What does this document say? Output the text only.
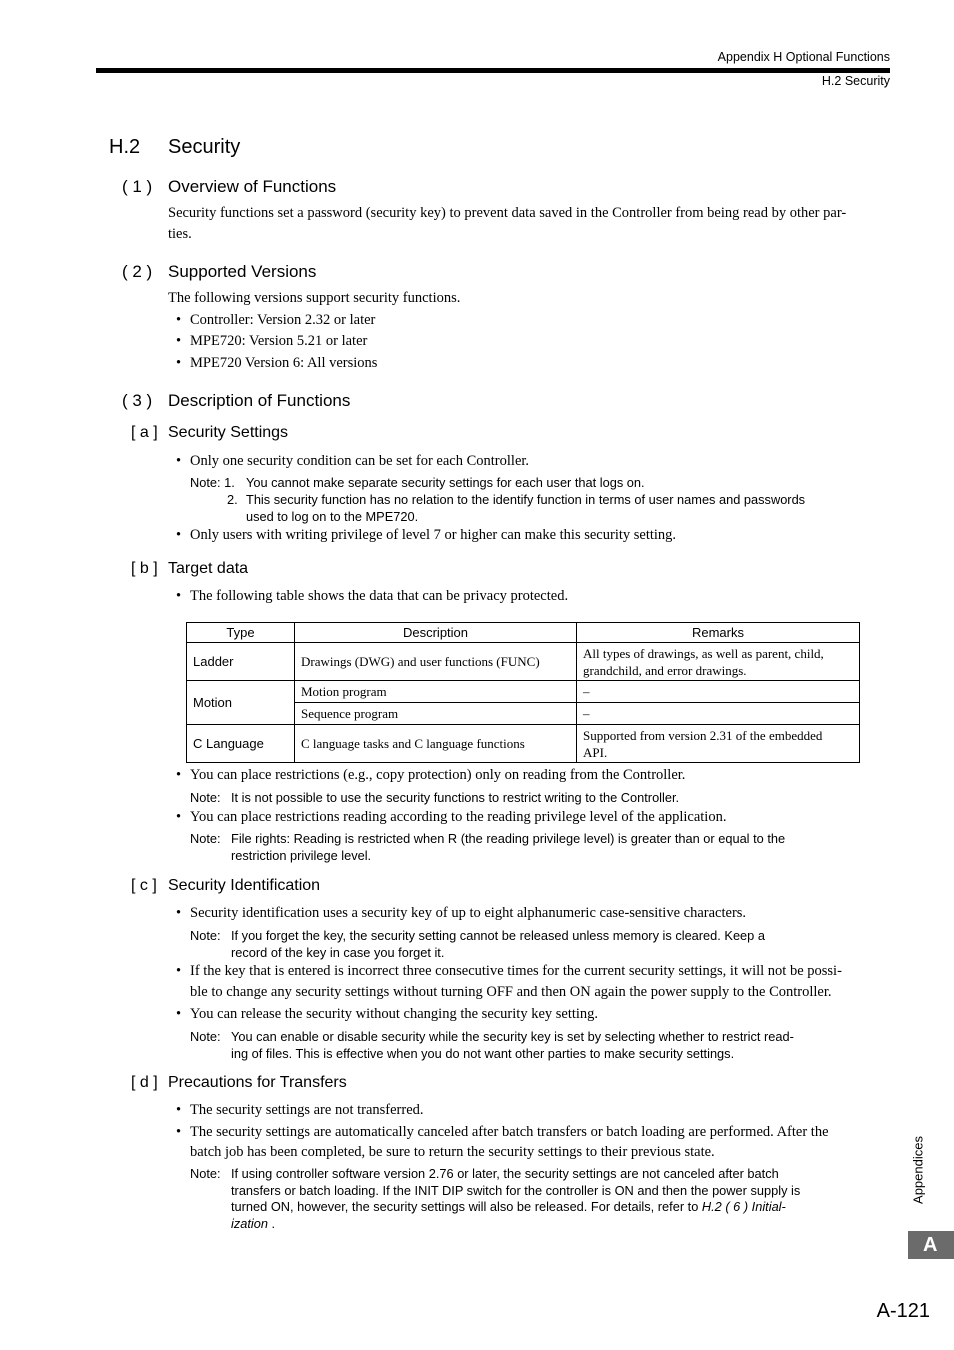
Appendix H Optional Functions
H.2 Security
H.2 Security
( 1 ) Overview of Functions
Security functions set a password (security key) to prevent data saved in the Controller from being read by other par-
ties.
( 2 ) Supported Versions
The following versions support security functions.
• Controller: Version 2.32 or later
• MPE720: Version 5.21 or later
• MPE720 Version 6: All versions
( 3 ) Description of Functions
[ a ] Security Settings
• Only one security condition can be set for each Controller.
Note: 1. You cannot make separate security settings for each user that logs on.
2. This security function has no relation to the identify function in terms of user names and passwords
used to log on to the MPE720.
• Only users with writing privilege of level 7 or higher can make this security setting.
[ b ] Target data
• The following table shows the data that can be privacy protected.
Type	Description	Remarks
Ladder	Drawings (DWG) and user functions (FUNC)	All types of drawings, as well as parent, child,
grandchild, and error drawings.

Motion	Motion program	–
	Sequence program	–
C Language	C language tasks and C language functions	Supported from version 2.31 of the embedded
API.
• You can place restrictions (e.g., copy protection) only on reading from the Controller.
Note: It is not possible to use the security functions to restrict writing to the Controller.
• You can place restrictions reading according to the reading privilege level of the application.
Note: File rights: Reading is restricted when R (the reading privilege level) is greater than or equal to the
restriction privilege level.
[ c ] Security Identification
• Security identification uses a security key of up to eight alphanumeric case-sensitive characters.
Note: If you forget the key, the security setting cannot be released unless memory is cleared. Keep a
record of the key in case you forget it.
• If the key that is entered is incorrect three consecutive times for the current security settings, it will not be possi-
ble to change any security settings without turning OFF and then ON again the power supply to the Controller.
• You can release the security without changing the security key setting.
Note: You can enable or disable security while the security key is set by selecting whether to restrict read-
ing of files. This is effective when you do not want other parties to make security settings.
[ d ] Precautions for Transfers
• The security settings are not transferred.
• The security settings are automatically canceled after batch transfers or batch loading are performed. After the
batch job has been completed, be sure to return the security settings to their previous state.
Note: If using controller software version 2.76 or later, the security settings are not canceled after batch
transfers or batch loading. If the INIT DIP switch for the controller is ON and then the power supply is
turned ON, however, the security settings will also be released. For details, refer to H.2 ( 6 ) Initial-
ization .
Appendices
A
A-121
